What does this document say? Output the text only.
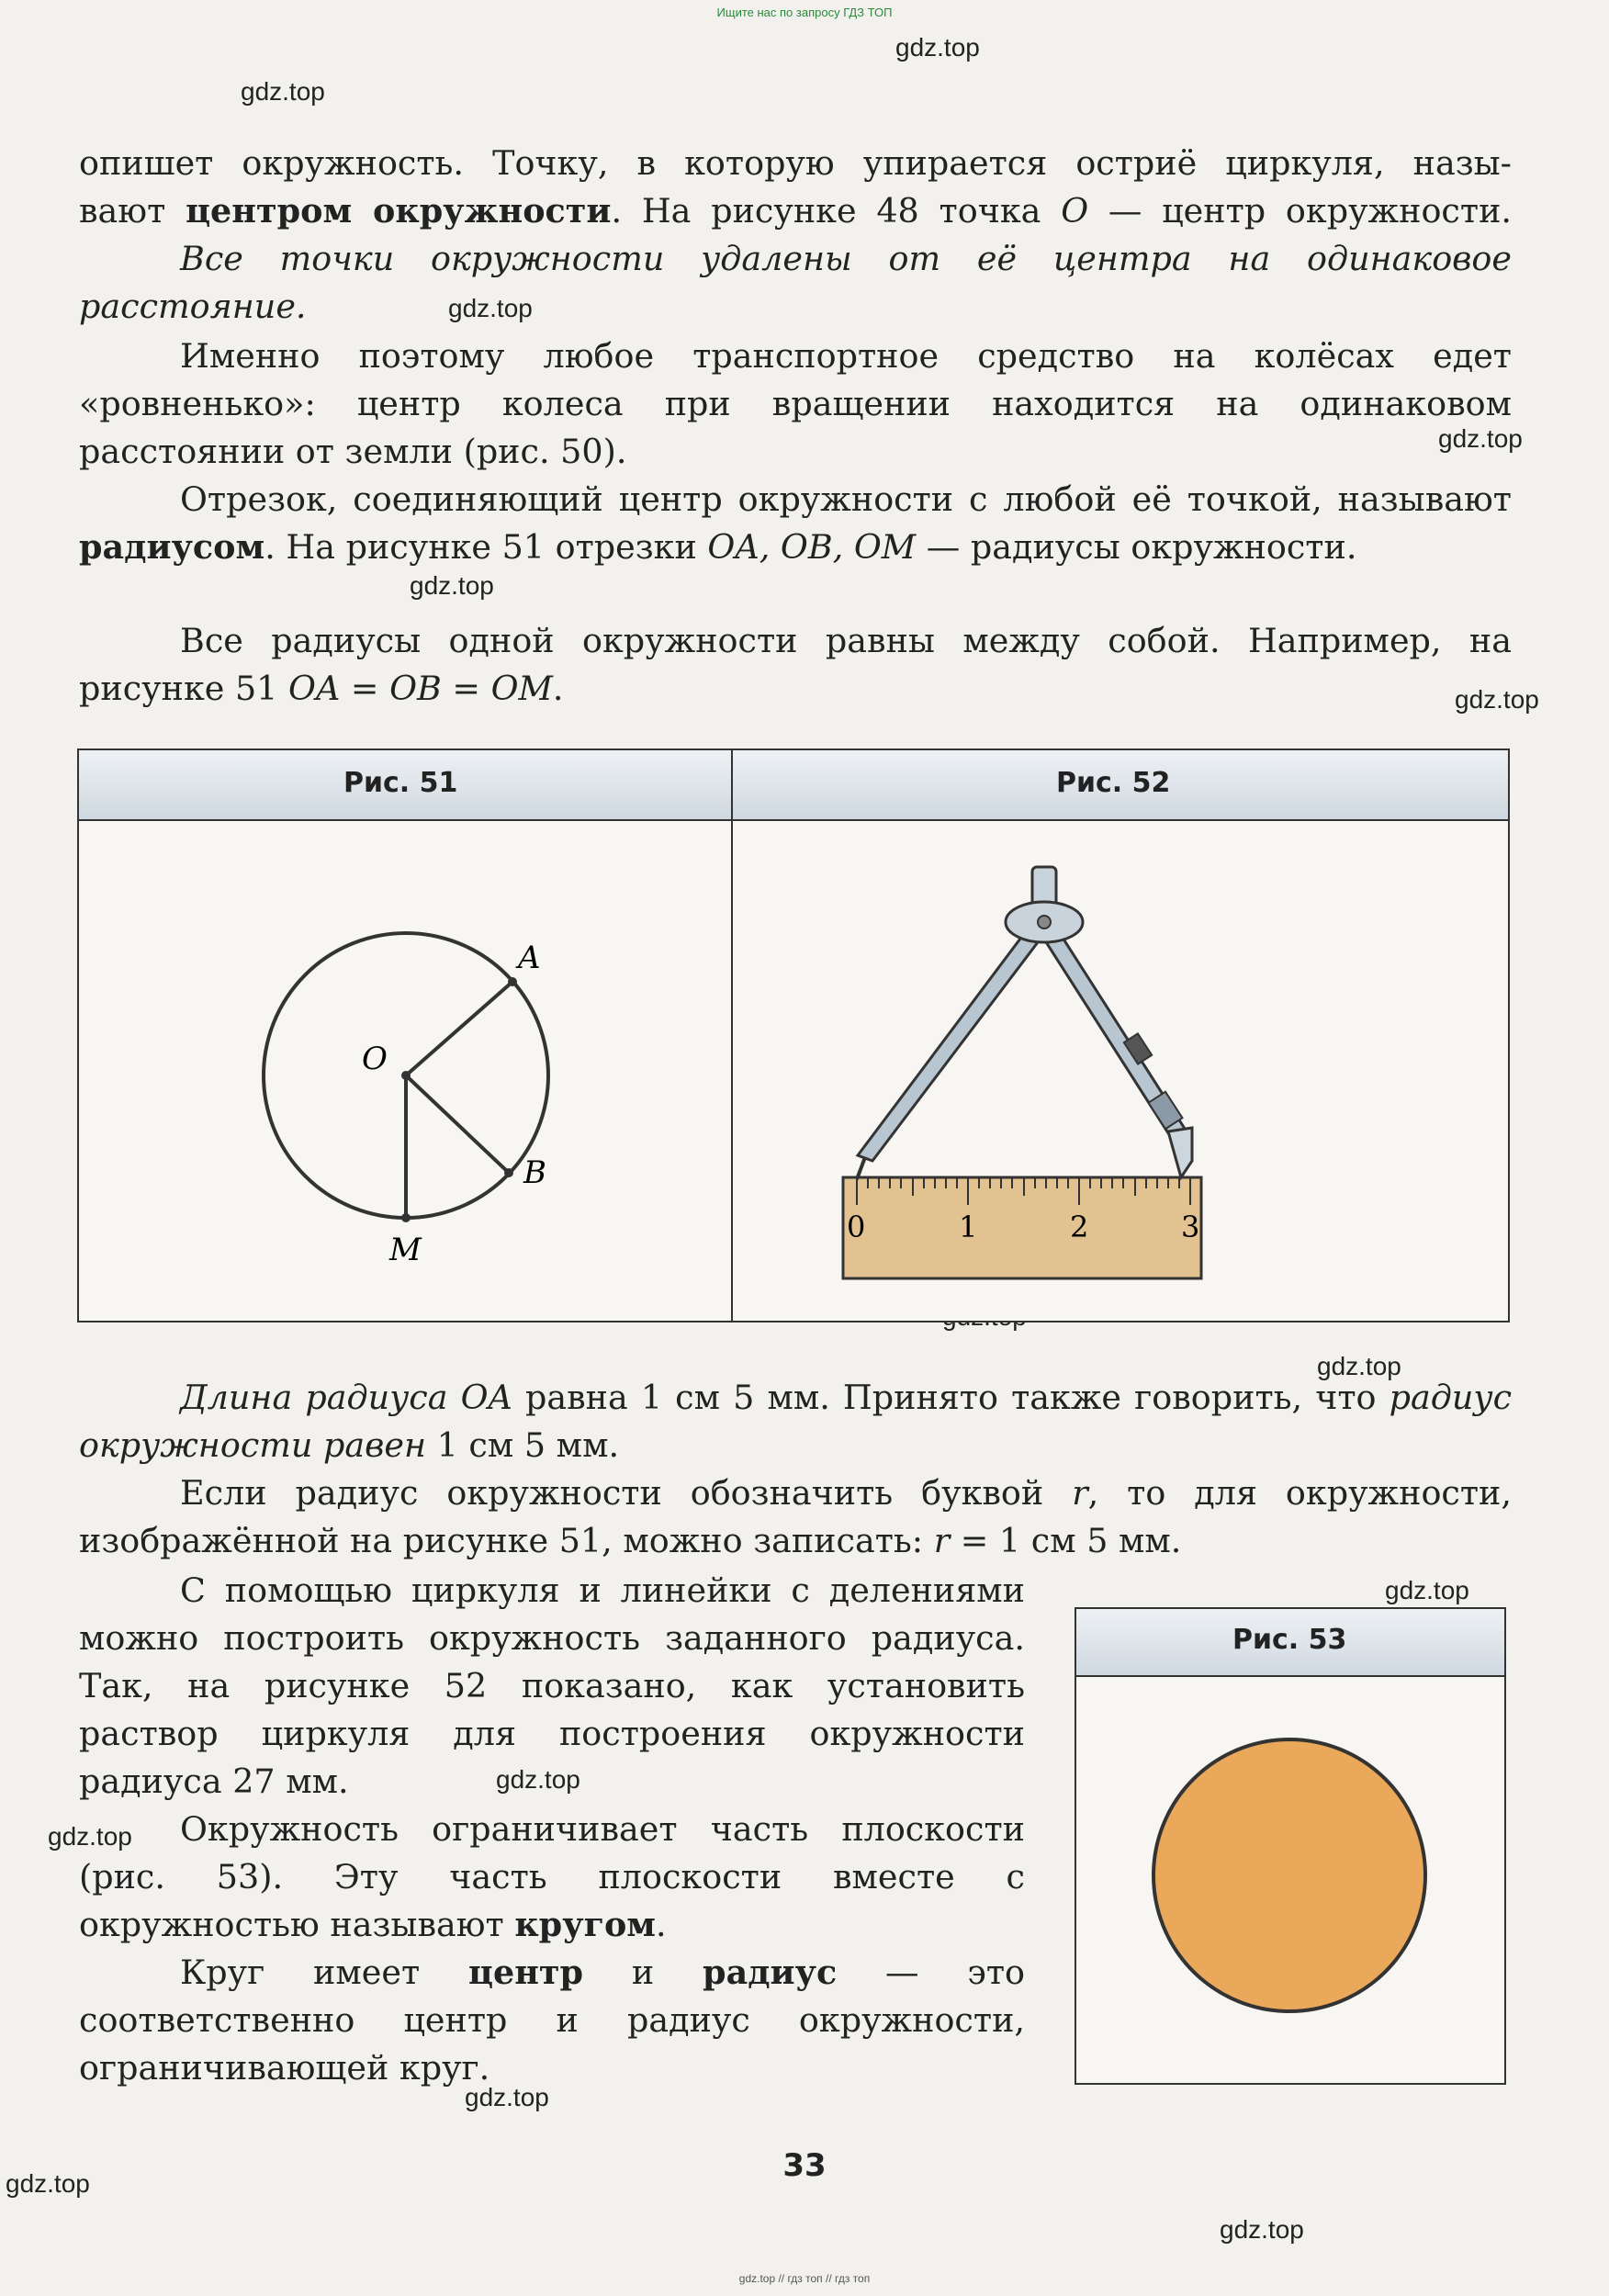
Ищите нас по запросу ГДЗ ТОП
gdz.top
gdz.top
gdz.top
gdz.top
gdz.top
gdz.top
gdz.top
gdz.top
gdz.top
gdz.top
gdz.top
gdz.top
gdz.top
опишет окружность. Точку, в которую упирается остриё циркуля, назы-
вают центром окружности. На рисунке 48 точка O — центр окружности.
Все точки окружности удалены от её центра на одинаковое расстояние.
Именно поэтому любое транспортное средство на колёсах едет «ровненько»: центр колеса при вращении находится на одинаковом расстоянии от земли (рис. 50).
Отрезок, соединяющий центр окружности с любой её точкой, называют радиусом. На рисунке 51 отрезки OA, OB, OM — радиусы окружности.
Все радиусы одной окружности равны между собой. Например, на рисунке 51 OA = OB = OM.
Рис. 51	Рис. 52
O
A
B
M
0	1	2	3
Длина радиуса OA равна 1 см 5 мм. Принято также говорить, что радиус окружности равен 1 см 5 мм.
Если радиус окружности обозначить буквой r, то для окружности, изображённой на рисунке 51, можно записать: r = 1 см 5 мм.
С помощью циркуля и линейки с делениями можно построить окружность заданного радиуса. Так, на рисунке 52 показано, как установить раствор циркуля для построения окружности радиуса 27 мм.
Окружность ограничивает часть плоскости (рис. 53). Эту часть плоскости вместе с окружностью называют кругом.
Круг имеет центр и радиус — это соответственно центр и радиус окружности, ограничивающей круг.
Рис. 53
33
gdz.top // гдз топ // гдз топ
